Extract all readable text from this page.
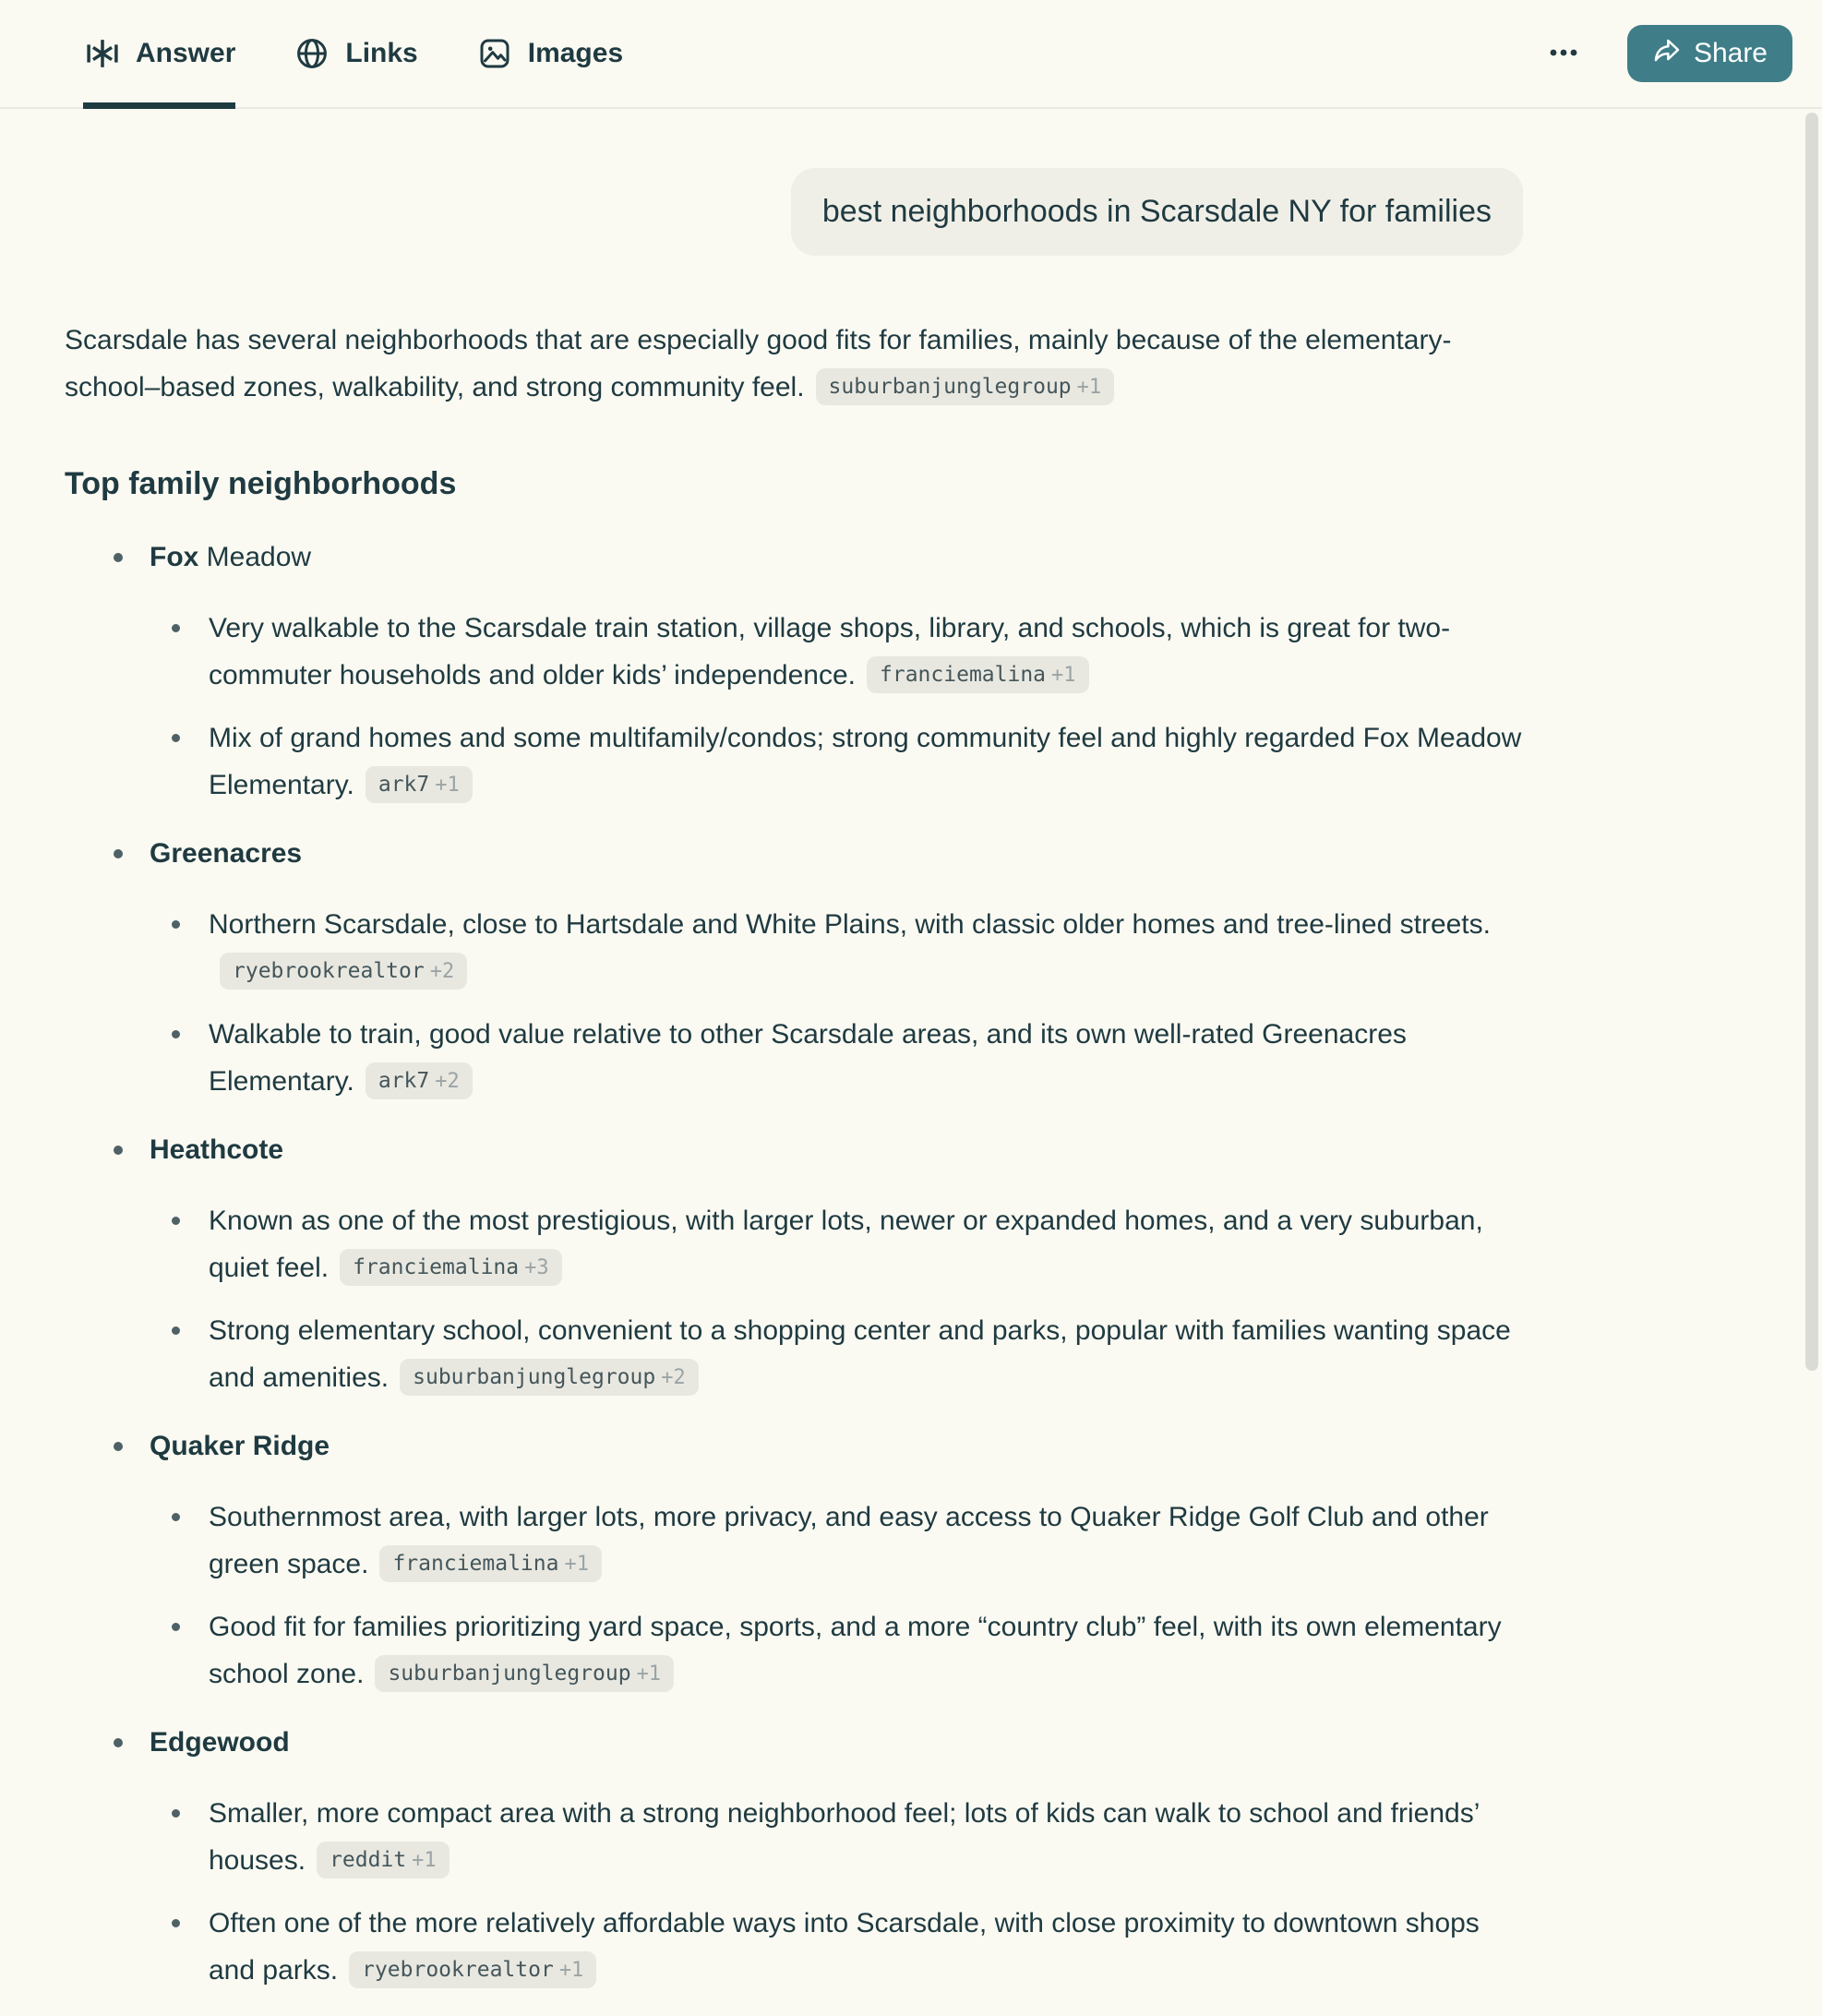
Answer	Links	Images	Share
best neighborhoods in Scarsdale NY for families

Scarsdale has several neighborhoods that are especially good fits for families, mainly because of the elementary-school–based zones, walkability, and strong community feel. suburbanjunglegroup +1

Top family neighborhoods
Fox Meadow
Very walkable to the Scarsdale train station, village shops, library, and schools, which is great for two-commuter households and older kids’ independence. franciemalina +1
Mix of grand homes and some multifamily/condos; strong community feel and highly regarded Fox Meadow Elementary. ark7 +1
Greenacres
Northern Scarsdale, close to Hartsdale and White Plains, with classic older homes and tree-lined streets.ryebrookrealtor +2
Walkable to train, good value relative to other Scarsdale areas, and its own well-rated Greenacres Elementary. ark7 +2
Heathcote
Known as one of the most prestigious, with larger lots, newer or expanded homes, and a very suburban, quiet feel. franciemalina +3
Strong elementary school, convenient to a shopping center and parks, popular with families wanting space and amenities. suburbanjunglegroup +2
Quaker Ridge
Southernmost area, with larger lots, more privacy, and easy access to Quaker Ridge Golf Club and other green space. franciemalina +1
Good fit for families prioritizing yard space, sports, and a more “country club” feel, with its own elementary school zone. suburbanjunglegroup +1
Edgewood
Smaller, more compact area with a strong neighborhood feel; lots of kids can walk to school and friends’ houses. reddit +1
Often one of the more relatively affordable ways into Scarsdale, with close proximity to downtown shops and parks. ryebrookrealtor +1
